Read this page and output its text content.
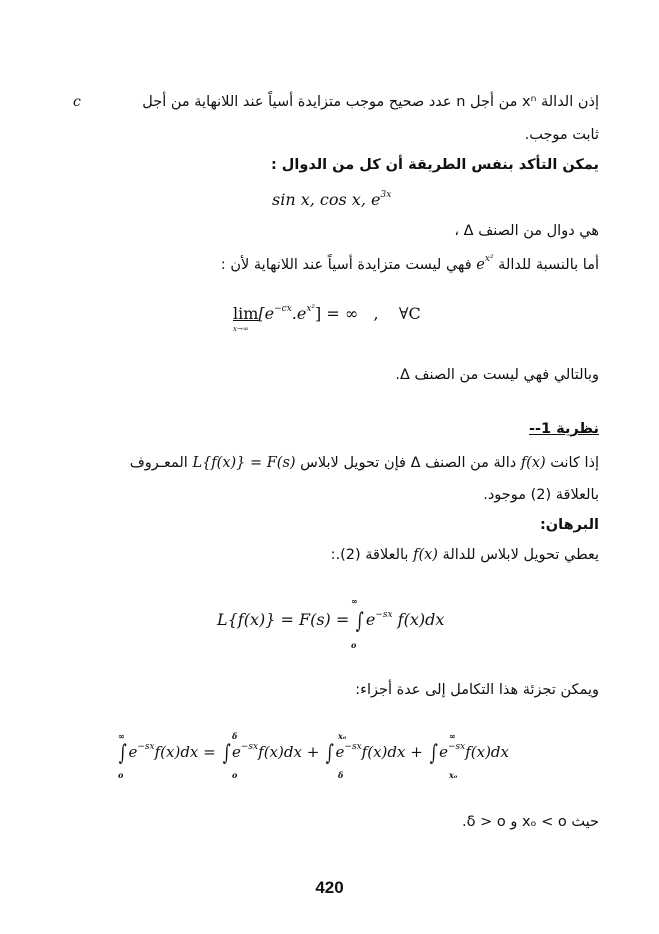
إذن الدالة xⁿ من أجل n عدد صحيح موجب متزايدة أسياً عند اللانهاية من أجل
c
ثابت موجب.
يمكن التأكد بنفس الطريقة أن كل من الدوال :
sin x, cos x, $e^{3x}$
هي دوال من الصنف Δ ،
أما بالنسبة للدالة $e^{x^2}$ فهي ليست متزايدة أسياً عند اللانهاية لأن :
$\lim[e^{-cx}.e^{x^2}]$ = ∞   ,    ∀C
x→∞
وبالتالي فهي ليست من الصنف Δ.
نظرية ‎-1-
إذا كانت f(x) دالة من الصنف Δ فإن تحويل لابلاس L{f(x)} = F(s) المعـروف
بالعلاقة (2) موجود.
البرهان:
يعطي تحويل لابلاس للدالة f(x) بالعلاقة (2).:
L{f(x)} = F(s) = ∫ $e^{-sx}$ f(x)dx
∞
o
ويمكن تجزئة هذا التكامل إلى عدة أجزاء:
∫ $e^{-sx}f(x)dx$ = ∫ $e^{-sx}f(x)dx$ + ∫ $e^{-sx}f(x)dx$ + ∫ $e^{-sx}f(x)dx$
∞
o
δ
o
xₒ
δ
∞
xₒ
حيث xₒ < o و δ > o.
420
